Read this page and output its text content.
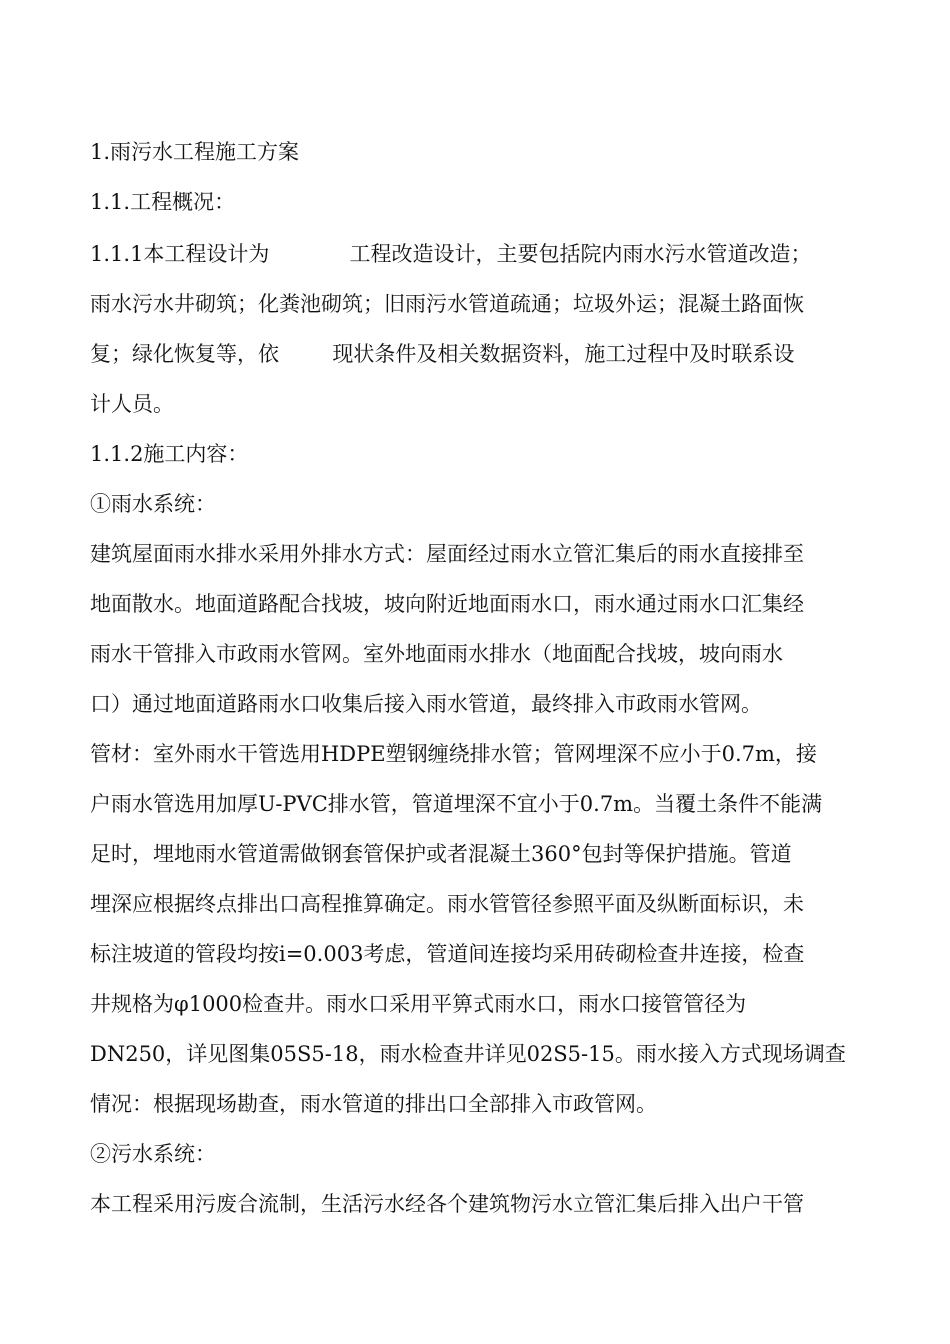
1.雨污水工程施工方案
1.1.工程概况：
1.1.1本工程设计为            工程改造设计，主要包括院内雨水污水管道改造；
雨水污水井砌筑；化粪池砌筑；旧雨污水管道疏通；垃圾外运；混凝土路面恢
复；绿化恢复等，依        现状条件及相关数据资料，施工过程中及时联系设
计人员。
1.1.2施工内容：
①雨水系统：
建筑屋面雨水排水采用外排水方式：屋面经过雨水立管汇集后的雨水直接排至
地面散水。地面道路配合找坡，坡向附近地面雨水口，雨水通过雨水口汇集经
雨水干管排入市政雨水管网。室外地面雨水排水（地面配合找坡，坡向雨水
口）通过地面道路雨水口收集后接入雨水管道，最终排入市政雨水管网。
管材：室外雨水干管选用HDPE塑钢缠绕排水管；管网埋深不应小于0.7m，接
户雨水管选用加厚U-PVC排水管，管道埋深不宜小于0.7m。当覆土条件不能满
足时，埋地雨水管道需做钢套管保护或者混凝土360°包封等保护措施。管道
埋深应根据终点排出口高程推算确定。雨水管管径参照平面及纵断面标识，未
标注坡道的管段均按i=0.003考虑，管道间连接均采用砖砌检查井连接，检查
井规格为φ1000检查井。雨水口采用平箅式雨水口，雨水口接管管径为
DN250，详见图集05S5-18，雨水检查井详见02S5-15。雨水接入方式现场调查
情况：根据现场勘查，雨水管道的排出口全部排入市政管网。
②污水系统：
本工程采用污废合流制，生活污水经各个建筑物污水立管汇集后排入出户干管
